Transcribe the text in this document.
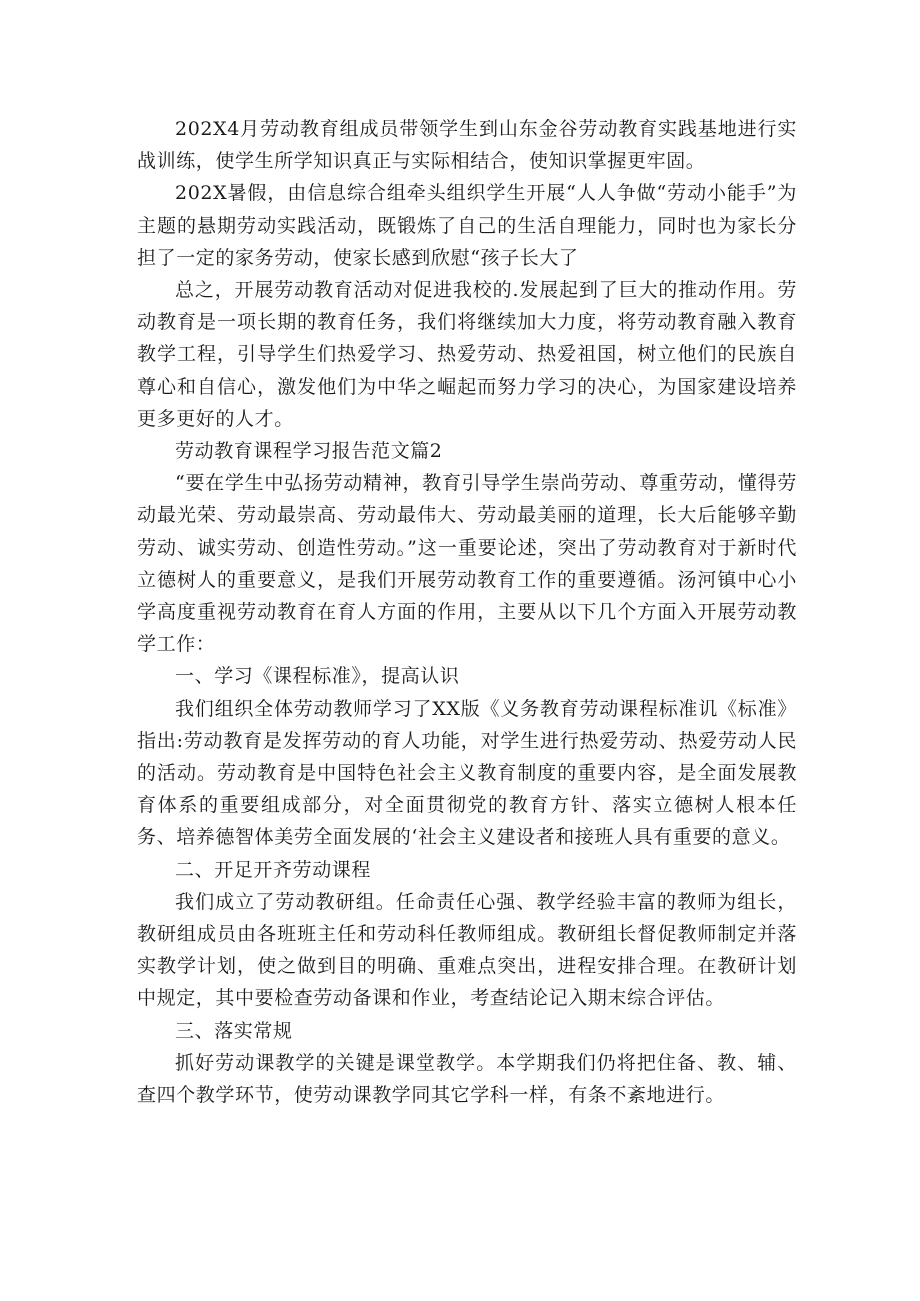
202X4月劳动教育组成员带领学生到山东金谷劳动教育实践基地进行实战训练，使学生所学知识真正与实际相结合，使知识掌握更牢固。

202X暑假，由信息综合组牵头组织学生开展“人人争做“劳动小能手”为主题的悬期劳动实践活动，既锻炼了自己的生活自理能力，同时也为家长分担了一定的家务劳动，使家长感到欣慰“孩子长大了

总之，开展劳动教育活动对促进我校的.发展起到了巨大的推动作用。劳动教育是一项长期的教育任务，我们将继续加大力度，将劳动教育融入教育教学工程，引导学生们热爱学习、热爱劳动、热爱祖国，树立他们的民族自尊心和自信心，激发他们为中华之崛起而努力学习的决心，为国家建设培养更多更好的人才。

劳动教育课程学习报告范文篇2

“要在学生中弘扬劳动精神，教育引导学生崇尚劳动、尊重劳动，懂得劳动最光荣、劳动最崇高、劳动最伟大、劳动最美丽的道理，长大后能够辛勤劳动、诚实劳动、创造性劳动。”这一重要论述，突出了劳动教育对于新时代立德树人的重要意义，是我们开展劳动教育工作的重要遵循。汤河镇中心小学高度重视劳动教育在育人方面的作用，主要从以下几个方面入开展劳动教学工作：

一、学习《课程标准》，提高认识

我们组织全体劳动教师学习了XX版《义务教育劳动课程标准讥《标准》指出:劳动教育是发挥劳动的育人功能，对学生进行热爱劳动、热爱劳动人民的活动。劳动教育是中国特色社会主义教育制度的重要内容，是全面发展教育体系的重要组成部分，对全面贯彻党的教育方针、落实立德树人根本任务、培养德智体美劳全面发展的‘社会主义建设者和接班人具有重要的意义。

二、开足开齐劳动课程

我们成立了劳动教研组。任命责任心强、教学经验丰富的教师为组长，教研组成员由各班班主任和劳动科任教师组成。教研组长督促教师制定并落实教学计划，使之做到目的明确、重难点突出，进程安排合理。在教研计划中规定，其中要检查劳动备课和作业，考查结论记入期末综合评估。

三、落实常规

抓好劳动课教学的关键是课堂教学。本学期我们仍将把住备、教、辅、查四个教学环节，使劳动课教学同其它学科一样，有条不紊地进行。
